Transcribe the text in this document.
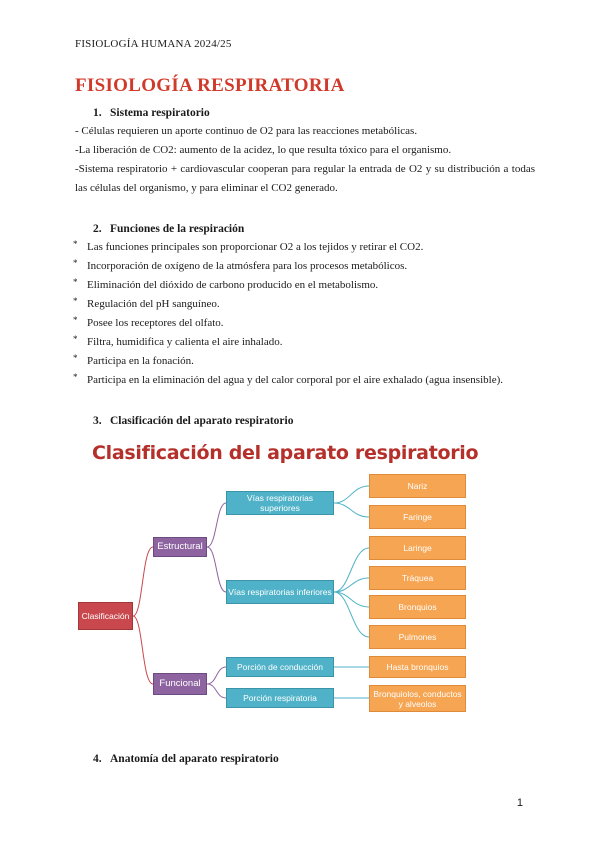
FISIOLOGÍA HUMANA 2024/25
FISIOLOGÍA RESPIRATORIA
1. Sistema respiratorio
- Células requieren un aporte continuo de O2 para las reacciones metabólicas.
-La liberación de CO2: aumento de la acidez, lo que resulta tóxico para el organismo.
-Sistema respiratorio + cardiovascular cooperan para regular la entrada de O2 y su distribución a todas las células del organismo, y para eliminar el CO2 generado.
2. Funciones de la respiración
* Las funciones principales son proporcionar O2 a los tejidos y retirar el CO2.
* Incorporación de oxígeno de la atmósfera para los procesos metabólicos.
* Eliminación del dióxido de carbono producido en el metabolismo.
* Regulación del pH sanguíneo.
* Posee los receptores del olfato.
* Filtra, humidifica y calienta el aire inhalado.
* Participa en la fonación.
* Participa en la eliminación del agua y del calor corporal por el aire exhalado (agua insensible).
3. Clasificación del aparato respiratorio
Clasificación del aparato respiratorio
Clasificación
Estructural
Funcional
Vías respiratorias superiores
Vías respiratorias inferiores
Porción de conducción
Porción respiratoria
Nariz
Faringe
Laringe
Tráquea
Bronquios
Pulmones
Hasta bronquios
Bronquiolos, conductos y alveolos
4. Anatomía del aparato respiratorio
1
